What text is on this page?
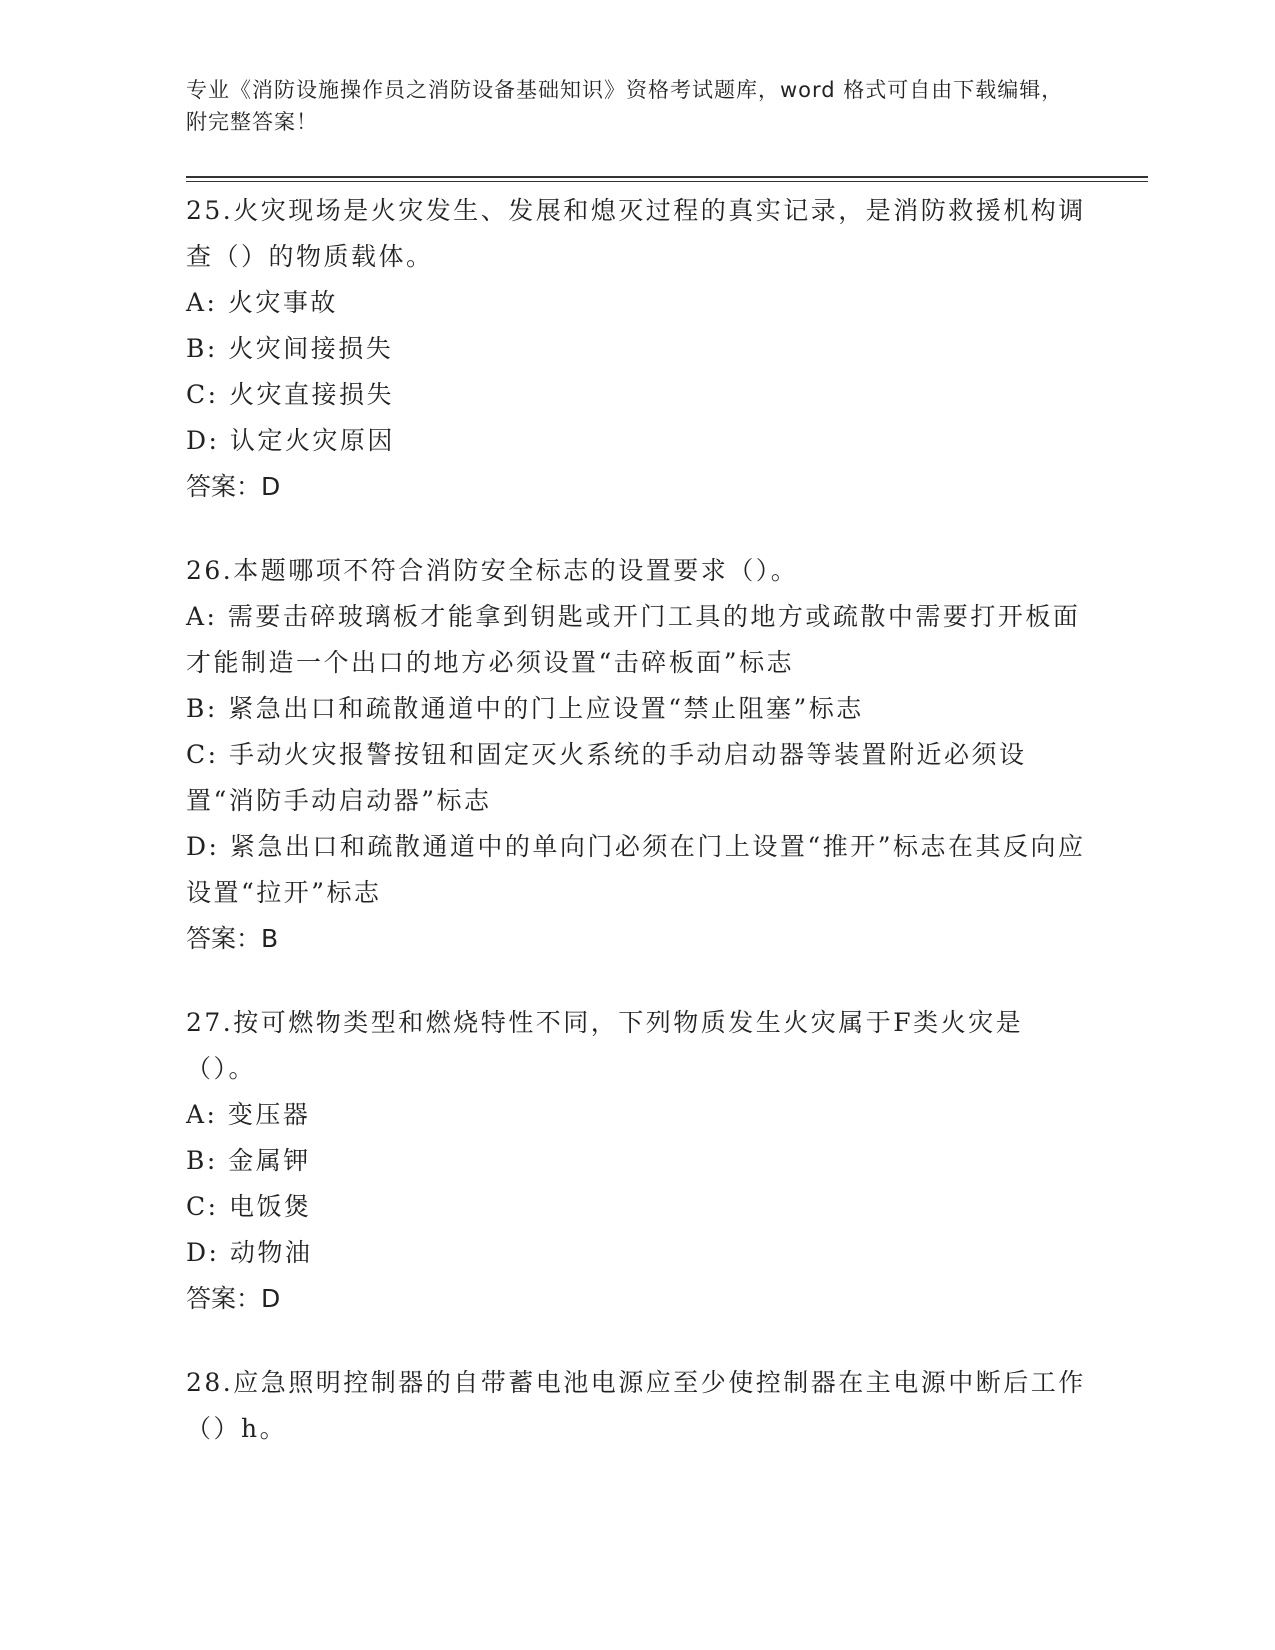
专业《消防设施操作员之消防设备基础知识》资格考试题库，word 格式可自由下载编辑，附完整答案！
25.火灾现场是火灾发生、发展和熄灭过程的真实记录，是消防救援机构调查（）的物质载体。
A: 火灾事故
B: 火灾间接损失
C: 火灾直接损失
D: 认定火灾原因
答案：D
26.本题哪项不符合消防安全标志的设置要求（）。
A: 需要击碎玻璃板才能拿到钥匙或开门工具的地方或疏散中需要打开板面才能制造一个出口的地方必须设置“击碎板面”标志
B: 紧急出口和疏散通道中的门上应设置“禁止阻塞”标志
C: 手动火灾报警按钮和固定灭火系统的手动启动器等装置附近必须设置“消防手动启动器”标志
D: 紧急出口和疏散通道中的单向门必须在门上设置“推开”标志在其反向应设置“拉开”标志
答案：B
27.按可燃物类型和燃烧特性不同，下列物质发生火灾属于F类火灾是（）。
A: 变压器
B: 金属钾
C: 电饭煲
D: 动物油
答案：D
28.应急照明控制器的自带蓄电池电源应至少使控制器在主电源中断后工作（）h。
